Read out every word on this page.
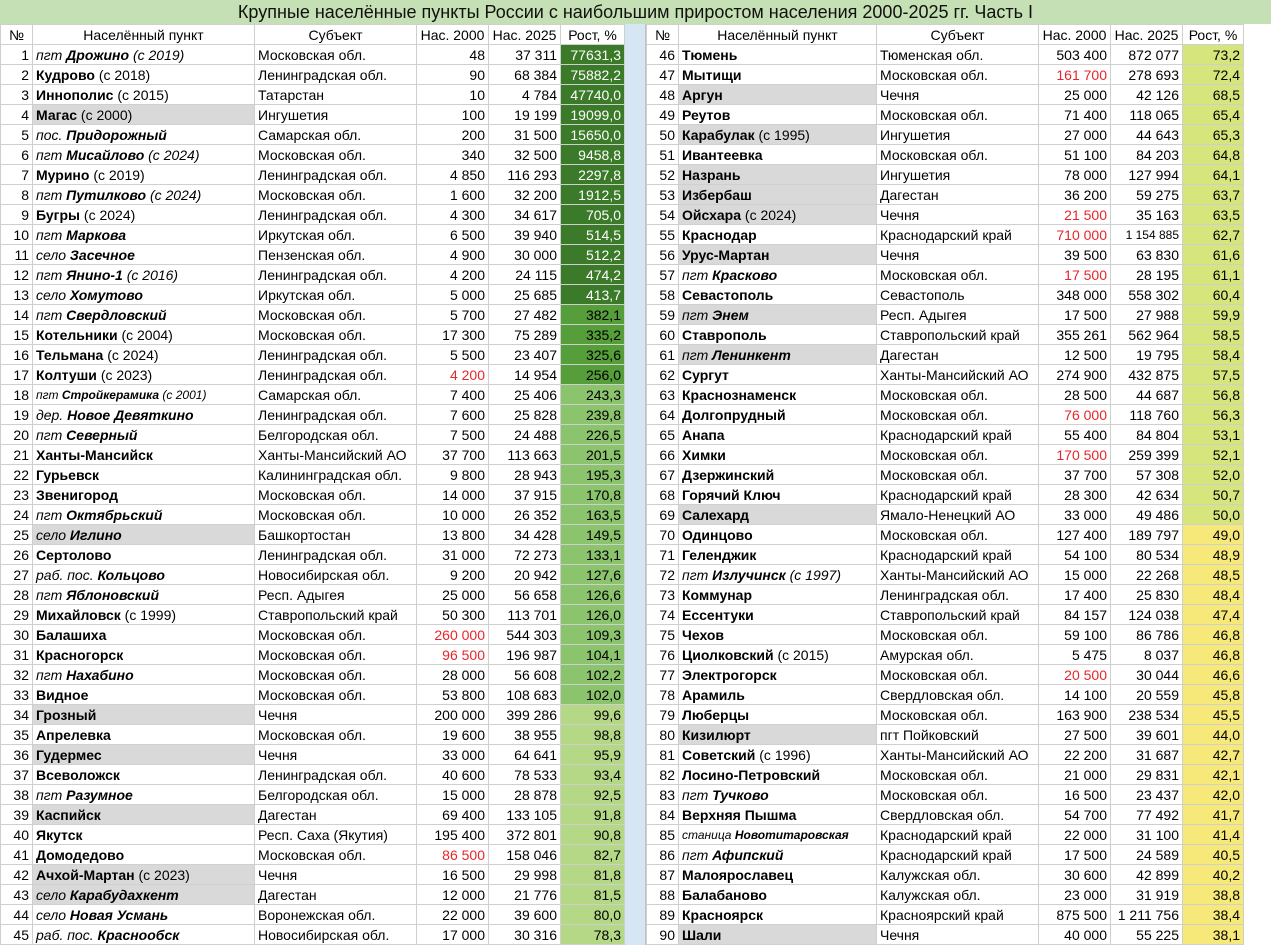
Крупные населённые пункты России с наибольшим приростом населения 2000-2025 гг. Часть I
№	Населённый пункт	Субъект	Нас. 2000	Нас. 2025	Рост, %
1	пгт Дрожино (с 2019)	Московская обл.	48	37 311	77631,3
2	Кудрово (с 2018)	Ленинградская обл.	90	68 384	75882,2
3	Иннополис (с 2015)	Татарстан	10	4 784	47740,0
4	Магас (с 2000)	Ингушетия	100	19 199	19099,0
5	пос. Придорожный	Самарская обл.	200	31 500	15650,0
6	пгт Мисайлово (с 2024)	Московская обл.	340	32 500	9458,8
7	Мурино (с 2019)	Ленинградская обл.	4 850	116 293	2297,8
8	пгт Путилково (с 2024)	Московская обл.	1 600	32 200	1912,5
9	Бугры (с 2024)	Ленинградская обл.	4 300	34 617	705,0
10	пгт Маркова	Иркутская обл.	6 500	39 940	514,5
11	село Засечное	Пензенская обл.	4 900	30 000	512,2
12	пгт Янино-1 (с 2016)	Ленинградская обл.	4 200	24 115	474,2
13	село Хомутово	Иркутская обл.	5 000	25 685	413,7
14	пгт Свердловский	Московская обл.	5 700	27 482	382,1
15	Котельники (с 2004)	Московская обл.	17 300	75 289	335,2
16	Тельмана (с 2024)	Ленинградская обл.	5 500	23 407	325,6
17	Колтуши (с 2023)	Ленинградская обл.	4 200	14 954	256,0
18	пгт Стройкерамика (с 2001)	Самарская обл.	7 400	25 406	243,3
19	дер. Новое Девяткино	Ленинградская обл.	7 600	25 828	239,8
20	пгт Северный	Белгородская обл.	7 500	24 488	226,5
21	Ханты-Мансийск	Ханты-Мансийский АО	37 700	113 663	201,5
22	Гурьевск	Калининградская обл.	9 800	28 943	195,3
23	Звенигород	Московская обл.	14 000	37 915	170,8
24	пгт Октябрьский	Московская обл.	10 000	26 352	163,5
25	село Иглино	Башкортостан	13 800	34 428	149,5
26	Сертолово	Ленинградская обл.	31 000	72 273	133,1
27	раб. пос. Кольцово	Новосибирская обл.	9 200	20 942	127,6
28	пгт Яблоновский	Респ. Адыгея	25 000	56 658	126,6
29	Михайловск (с 1999)	Ставропольский край	50 300	113 701	126,0
30	Балашиха	Московская обл.	260 000	544 303	109,3
31	Красногорск	Московская обл.	96 500	196 987	104,1
32	пгт Нахабино	Московская обл.	28 000	56 608	102,2
33	Видное	Московская обл.	53 800	108 683	102,0
34	Грозный	Чечня	200 000	399 286	99,6
35	Апрелевка	Московская обл.	19 600	38 955	98,8
36	Гудермес	Чечня	33 000	64 641	95,9
37	Всеволожск	Ленинградская обл.	40 600	78 533	93,4
38	пгт Разумное	Белгородская обл.	15 000	28 878	92,5
39	Каспийск	Дагестан	69 400	133 105	91,8
40	Якутск	Респ. Саха (Якутия)	195 400	372 801	90,8
41	Домодедово	Московская обл.	86 500	158 046	82,7
42	Ачхой-Мартан (с 2023)	Чечня	16 500	29 998	81,8
43	село Карабудахкент	Дагестан	12 000	21 776	81,5
44	село Новая Усмань	Воронежская обл.	22 000	39 600	80,0
45	раб. пос. Краснообск	Новосибирская обл.	17 000	30 316	78,3
№	Населённый пункт	Субъект	Нас. 2000	Нас. 2025	Рост, %
46	Тюмень	Тюменская обл.	503 400	872 077	73,2
47	Мытищи	Московская обл.	161 700	278 693	72,4
48	Аргун	Чечня	25 000	42 126	68,5
49	Реутов	Московская обл.	71 400	118 065	65,4
50	Карабулак (с 1995)	Ингушетия	27 000	44 643	65,3
51	Ивантеевка	Московская обл.	51 100	84 203	64,8
52	Назрань	Ингушетия	78 000	127 994	64,1
53	Избербаш	Дагестан	36 200	59 275	63,7
54	Ойсхара (с 2024)	Чечня	21 500	35 163	63,5
55	Краснодар	Краснодарский край	710 000	1 154 885	62,7
56	Урус-Мартан	Чечня	39 500	63 830	61,6
57	пгт Красково	Московская обл.	17 500	28 195	61,1
58	Севастополь	Севастополь	348 000	558 302	60,4
59	пгт Энем	Респ. Адыгея	17 500	27 988	59,9
60	Ставрополь	Ставропольский край	355 261	562 964	58,5
61	пгт Ленинкент	Дагестан	12 500	19 795	58,4
62	Сургут	Ханты-Мансийский АО	274 900	432 875	57,5
63	Краснознаменск	Московская обл.	28 500	44 687	56,8
64	Долгопрудный	Московская обл.	76 000	118 760	56,3
65	Анапа	Краснодарский край	55 400	84 804	53,1
66	Химки	Московская обл.	170 500	259 399	52,1
67	Дзержинский	Московская обл.	37 700	57 308	52,0
68	Горячий Ключ	Краснодарский край	28 300	42 634	50,7
69	Салехард	Ямало-Ненецкий АО	33 000	49 486	50,0
70	Одинцово	Московская обл.	127 400	189 797	49,0
71	Геленджик	Краснодарский край	54 100	80 534	48,9
72	пгт Излучинск (с 1997)	Ханты-Мансийский АО	15 000	22 268	48,5
73	Коммунар	Ленинградская обл.	17 400	25 830	48,4
74	Ессентуки	Ставропольский край	84 157	124 038	47,4
75	Чехов	Московская обл.	59 100	86 786	46,8
76	Циолковский (с 2015)	Амурская обл.	5 475	8 037	46,8
77	Электрогорск	Московская обл.	20 500	30 044	46,6
78	Арамиль	Свердловская обл.	14 100	20 559	45,8
79	Люберцы	Московская обл.	163 900	238 534	45,5
80	Кизилюрт	пгт Пойковский	27 500	39 601	44,0
81	Советский (с 1996)	Ханты-Мансийский АО	22 200	31 687	42,7
82	Лосино-Петровский	Московская обл.	21 000	29 831	42,1
83	пгт Тучково	Московская обл.	16 500	23 437	42,0
84	Верхняя Пышма	Свердловская обл.	54 700	77 492	41,7
85	станица Новотитаровская	Краснодарский край	22 000	31 100	41,4
86	пгт Афипский	Краснодарский край	17 500	24 589	40,5
87	Малоярославец	Калужская обл.	30 600	42 899	40,2
88	Балабаново	Калужская обл.	23 000	31 919	38,8
89	Красноярск	Красноярский край	875 500	1 211 756	38,4
90	Шали	Чечня	40 000	55 225	38,1
